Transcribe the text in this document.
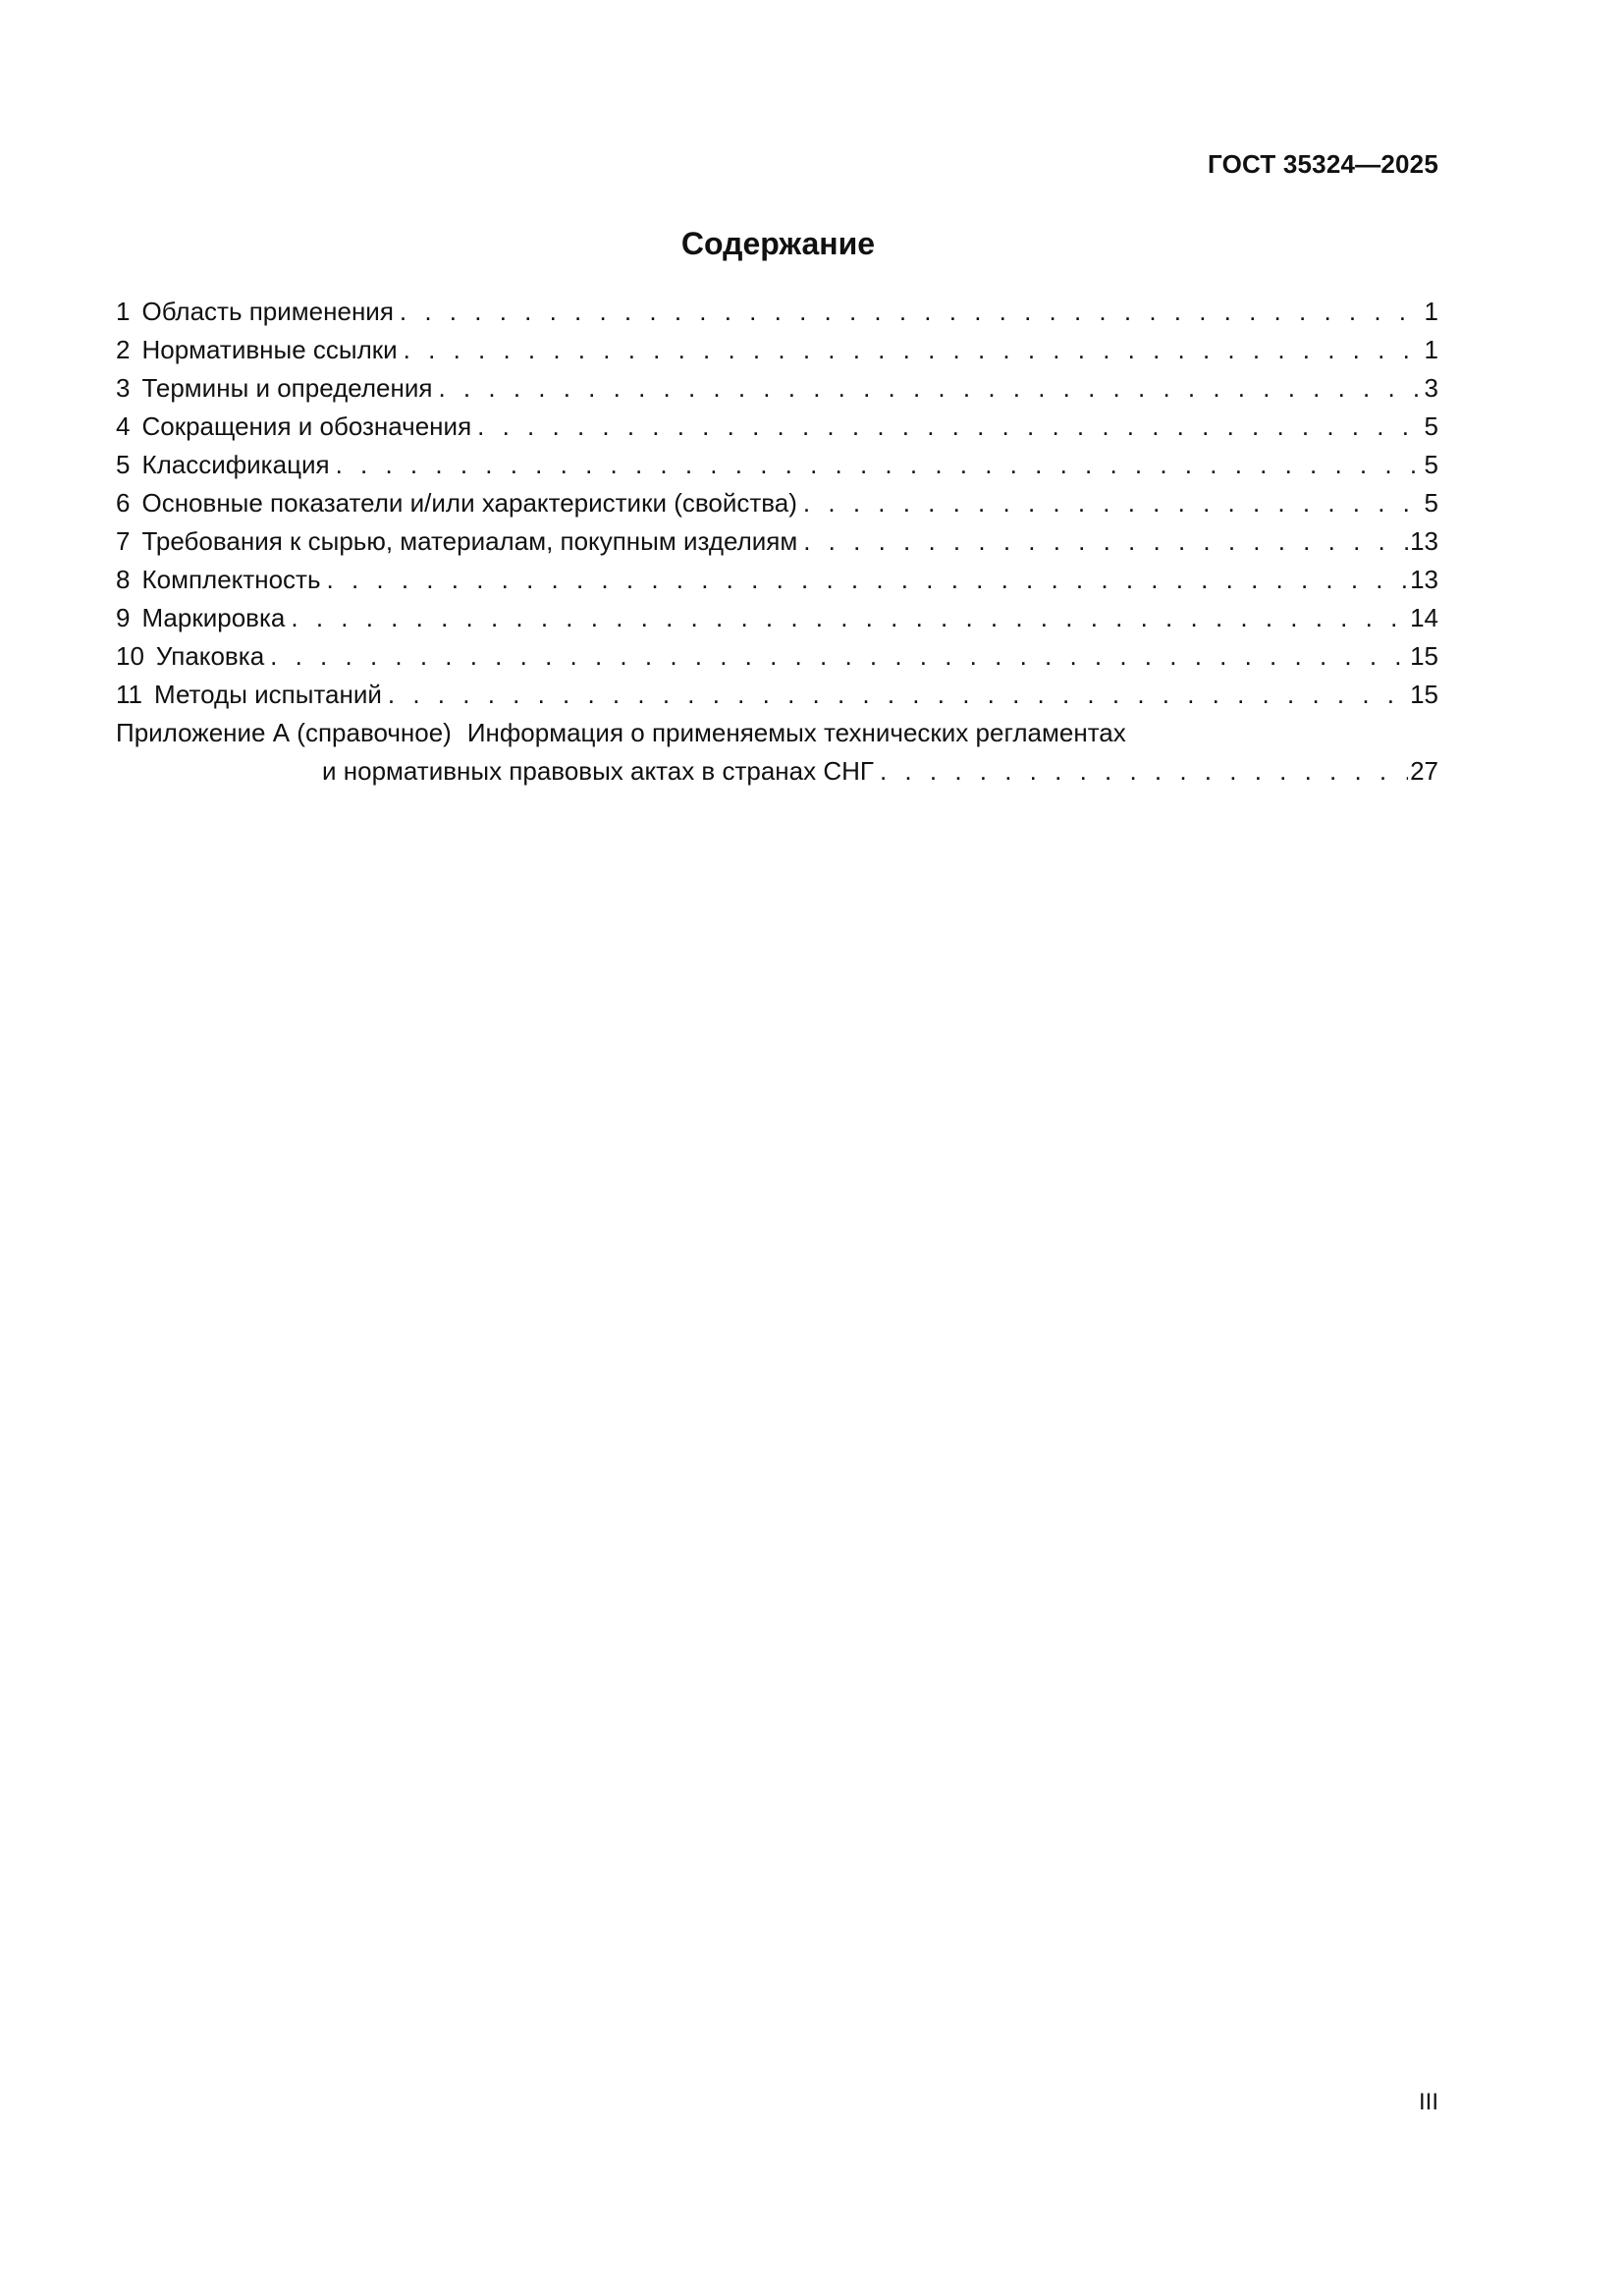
ГОСТ 35324—2025
Содержание
1 Область применения . . .	1
2 Нормативные ссылки . . .	1
3 Термины и определения . . .	3
4 Сокращения и обозначения . . .	5
5 Классификация . . .	5
6 Основные показатели и/или характеристики (свойства) . . .	5
7 Требования к сырью, материалам, покупным изделиям . . .	13
8 Комплектность . . .	13
9 Маркировка . . .	14
10 Упаковка . . .	15
11 Методы испытаний . . .	15
Приложение А (справочное) Информация о применяемых технических регламентах
и нормативных правовых актах в странах СНГ . . .	27
III
